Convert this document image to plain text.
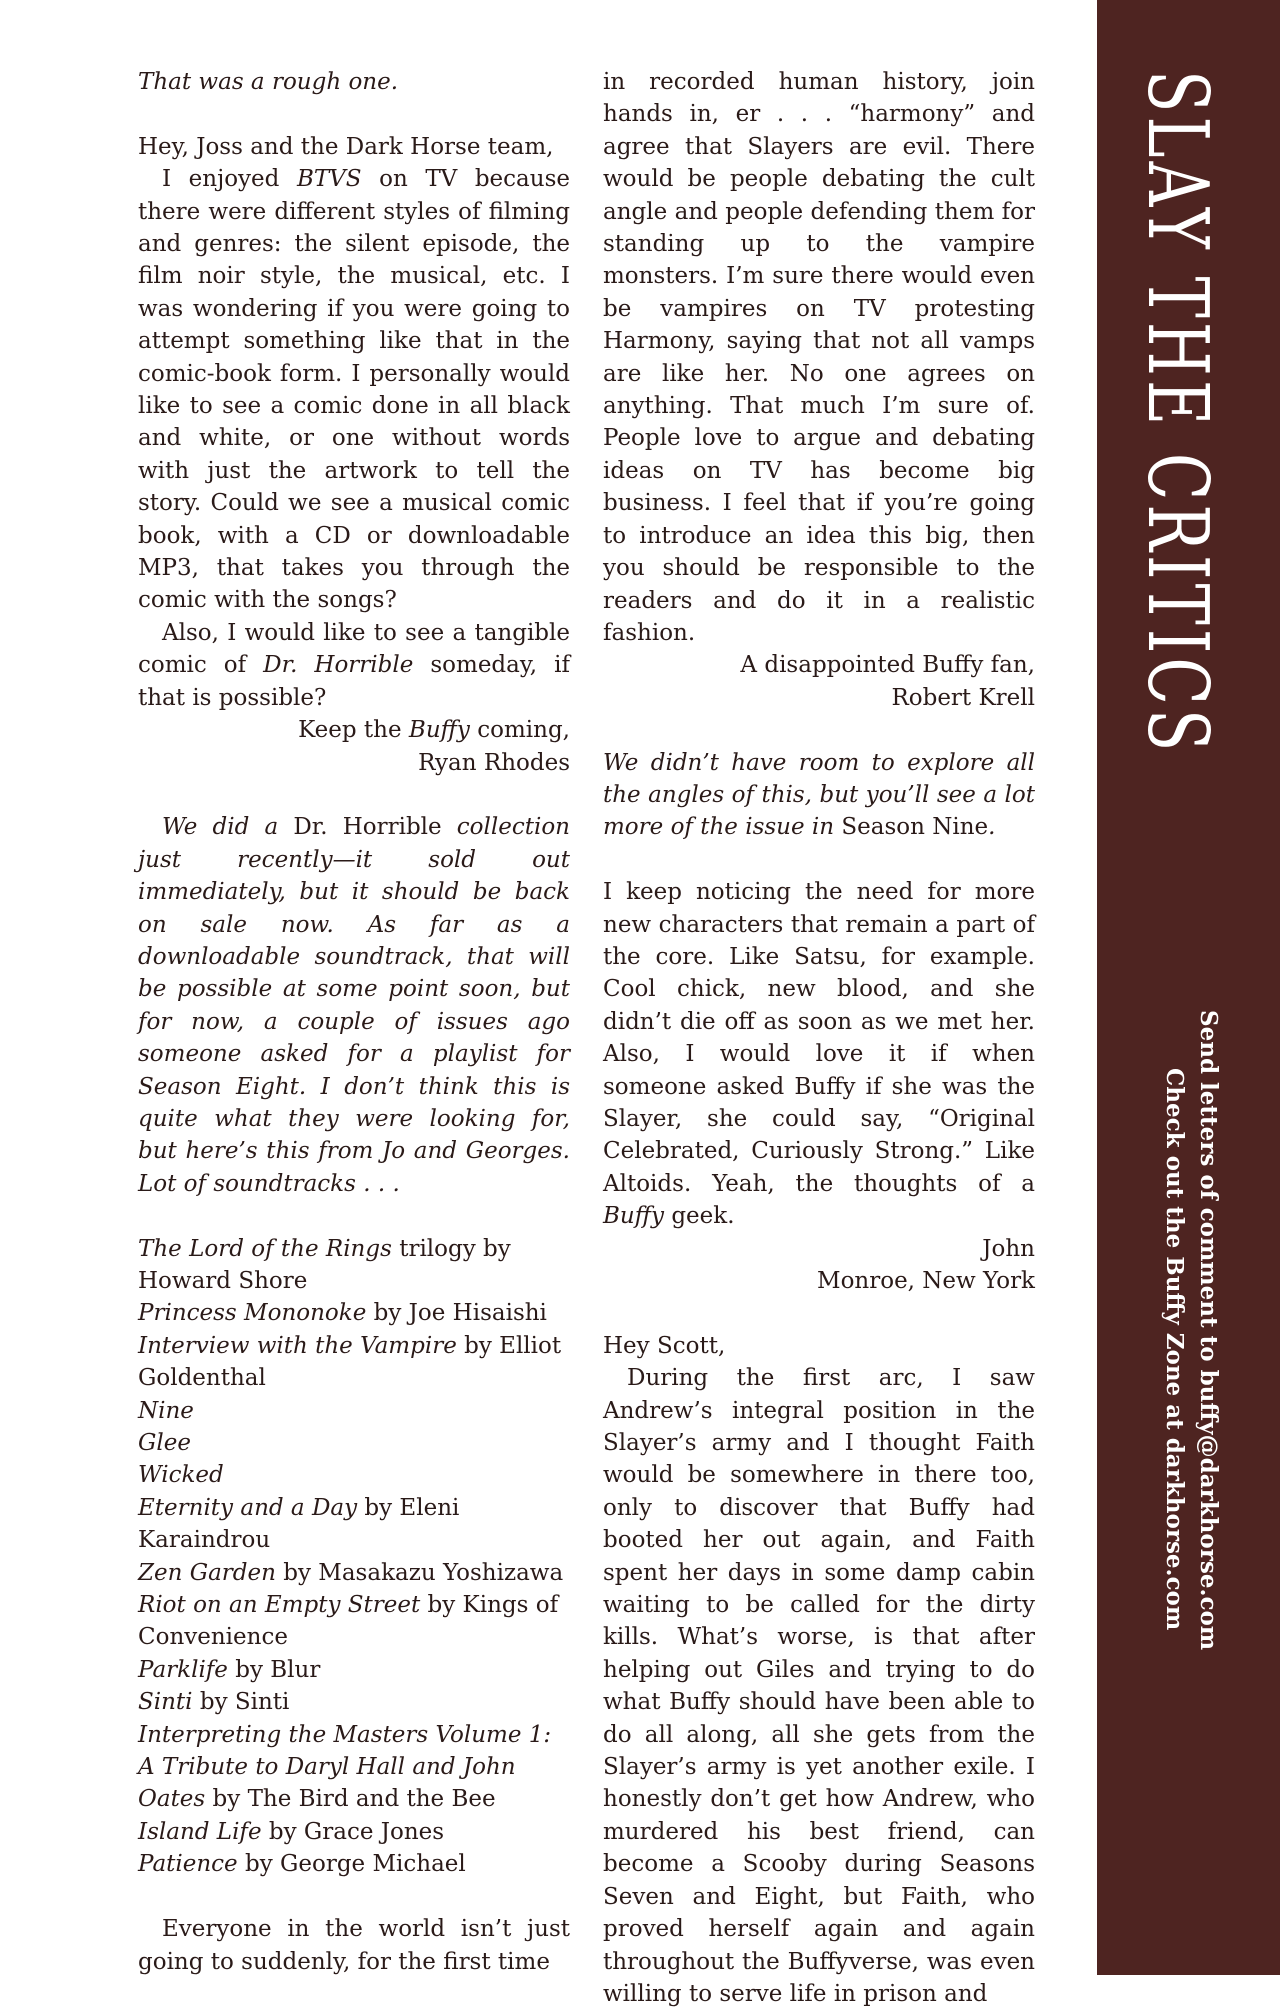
That was a rough one.

Hey, Joss and the Dark Horse team,

I enjoyed BTVS on TV because there were different styles of filming and genres: the silent episode, the film noir style, the musical, etc. I was wondering if you were going to attempt something like that in the comic-book form. I personally would like to see a comic done in all black and white, or one without words with just the artwork to tell the story. Could we see a musical comic book, with a CD or downloadable MP3, that takes you through the comic with the songs?

Also, I would like to see a tangible comic of Dr. Horrible someday, if that is possible?

Keep the Buffy coming,

Ryan Rhodes

We did a Dr. Horrible collection just recently—it sold out immediately, but it should be back on sale now. As far as a downloadable soundtrack, that will be possible at some point soon, but for now, a couple of issues ago someone asked for a playlist for Season Eight. I don’t think this is quite what they were looking for, but here’s this from Jo and Georges. Lot of soundtracks . . .

The Lord of the Rings trilogy by Howard Shore

Princess Mononoke by Joe Hisaishi

Interview with the Vampire by Elliot Goldenthal

Nine

Glee

Wicked

Eternity and a Day by Eleni Karaindrou

Zen Garden by Masakazu Yoshizawa

Riot on an Empty Street by Kings of Convenience

Parklife by Blur

Sinti by Sinti

Interpreting the Masters Volume 1: A Tribute to Daryl Hall and John Oates by The Bird and the Bee

Island Life by Grace Jones

Patience by George Michael

Everyone in the world isn’t just going to suddenly, for the first time

in recorded human history, join hands in, er . . . “harmony” and agree that Slayers are evil. There would be people debating the cult angle and people defending them for standing up to the vampire monsters. I’m sure there would even be vampires on TV protesting Harmony, saying that not all vamps are like her. No one agrees on anything. That much I’m sure of. People love to argue and debating ideas on TV has become big business. I feel that if you’re going to introduce an idea this big, then you should be responsible to the readers and do it in a realistic fashion.

A disappointed Buffy fan,

Robert Krell

We didn’t have room to explore all the angles of this, but you’ll see a lot more of the issue in Season Nine.

I keep noticing the need for more new characters that remain a part of the core. Like Satsu, for example. Cool chick, new blood, and she didn’t die off as soon as we met her. Also, I would love it if when someone asked Buffy if she was the Slayer, she could say, “Original Celebrated, Curiously Strong.” Like Altoids. Yeah, the thoughts of a Buffy geek.

John

Monroe, New York

Hey Scott,

During the first arc, I saw Andrew’s integral position in the Slayer’s army and I thought Faith would be somewhere in there too, only to discover that Buffy had booted her out again, and Faith spent her days in some damp cabin waiting to be called for the dirty kills. What’s worse, is that after helping out Giles and trying to do what Buffy should have been able to do all along, all she gets from the Slayer’s army is yet another exile. I honestly don’t get how Andrew, who murdered his best friend, can become a Scooby during Seasons Seven and Eight, but Faith, who proved herself again and again throughout the Buffyverse, was even willing to serve life in prison and

SLAY THE CRITICS
Send letters of comment to buffy@darkhorse.com
Check out the Buffy Zone at darkhorse.com
